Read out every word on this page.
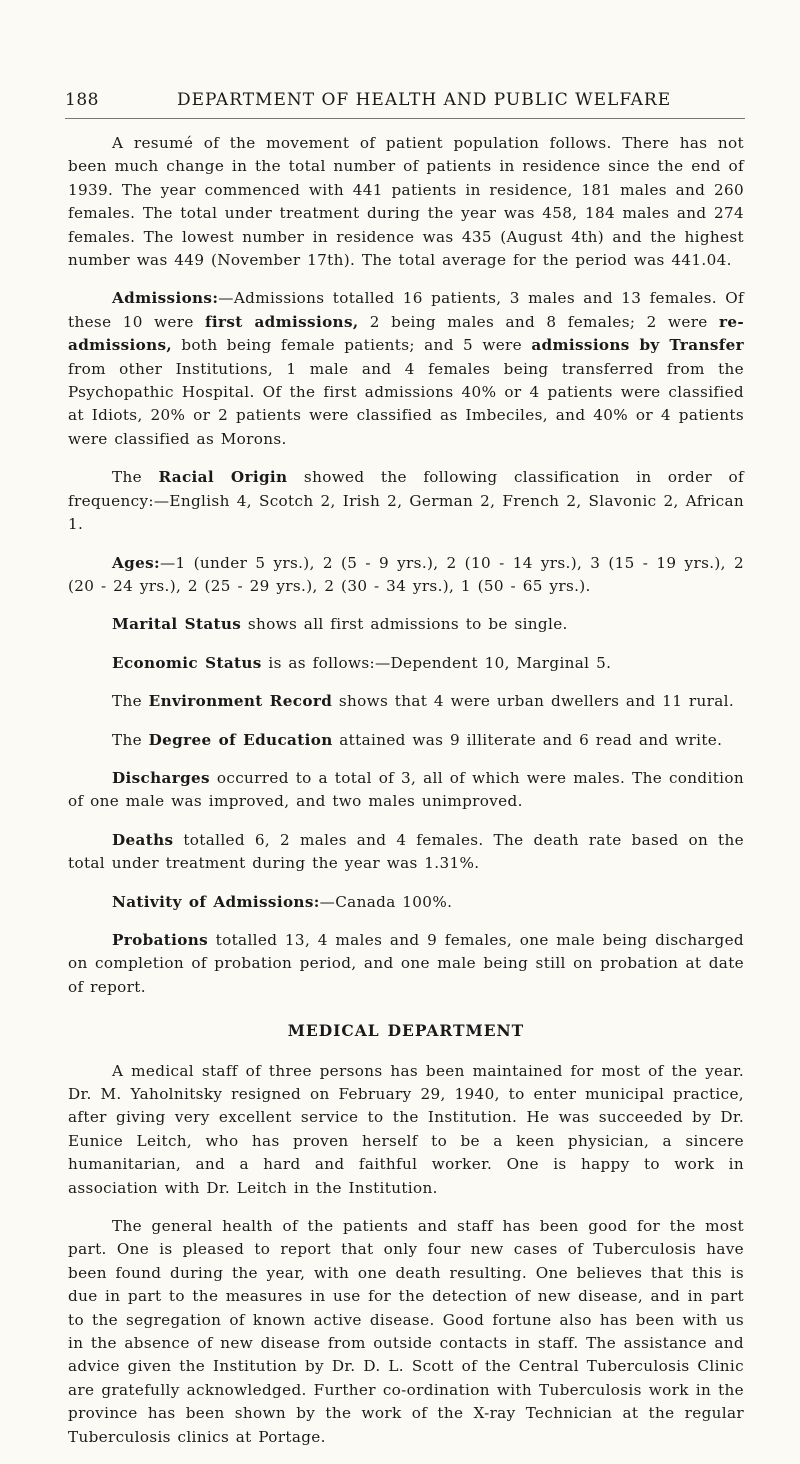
188	DEPARTMENT OF HEALTH AND PUBLIC WELFARE

A resumé of the movement of patient population follows. There has not been much change in the total number of patients in residence since the end of 1939. The year commenced with 441 patients in residence, 181 males and 260 females. The total under treatment during the year was 458, 184 males and 274 females. The lowest number in residence was 435 (August 4th) and the highest number was 449 (November 17th). The total average for the period was 441.04.

Admissions:—Admissions totalled 16 patients, 3 males and 13 females. Of these 10 were first admissions, 2 being males and 8 females; 2 were re-admissions, both being female patients; and 5 were admissions by Transfer from other Institutions, 1 male and 4 females being transferred from the Psychopathic Hospital. Of the first admissions 40% or 4 patients were classified at Idiots, 20% or 2 patients were classified as Imbeciles, and 40% or 4 patients were classified as Morons.

The Racial Origin showed the following classification in order of frequency:—English 4, Scotch 2, Irish 2, German 2, French 2, Slavonic 2, African 1.

Ages:—1 (under 5 yrs.), 2 (5 - 9 yrs.), 2 (10 - 14 yrs.), 3 (15 - 19 yrs.), 2 (20 - 24 yrs.), 2 (25 - 29 yrs.), 2 (30 - 34 yrs.), 1 (50 - 65 yrs.).

Marital Status shows all first admissions to be single.

Economic Status is as follows:—Dependent 10, Marginal 5.

The Environment Record shows that 4 were urban dwellers and 11 rural.

The Degree of Education attained was 9 illiterate and 6 read and write.

Discharges occurred to a total of 3, all of which were males. The condition of one male was improved, and two males unimproved.

Deaths totalled 6, 2 males and 4 females. The death rate based on the total under treatment during the year was 1.31%.

Nativity of Admissions:—Canada 100%.

Probations totalled 13, 4 males and 9 females, one male being discharged on completion of probation period, and one male being still on probation at date of report.

MEDICAL DEPARTMENT

A medical staff of three persons has been maintained for most of the year. Dr. M. Yaholnitsky resigned on February 29, 1940, to enter municipal practice, after giving very excellent service to the Institution. He was succeeded by Dr. Eunice Leitch, who has proven herself to be a keen physician, a sincere humanitarian, and a hard and faithful worker. One is happy to work in association with Dr. Leitch in the Institution.

The general health of the patients and staff has been good for the most part. One is pleased to report that only four new cases of Tuberculosis have been found during the year, with one death resulting. One believes that this is due in part to the measures in use for the detection of new disease, and in part to the segregation of known active disease. Good fortune also has been with us in the absence of new disease from outside contacts in staff. The assistance and advice given the Institution by Dr. D. L. Scott of the Central Tuberculosis Clinic are gratefully acknowledged. Further co-ordination with Tuberculosis work in the province has been shown by the work of the X-ray Technician at the regular Tuberculosis clinics at Portage.
